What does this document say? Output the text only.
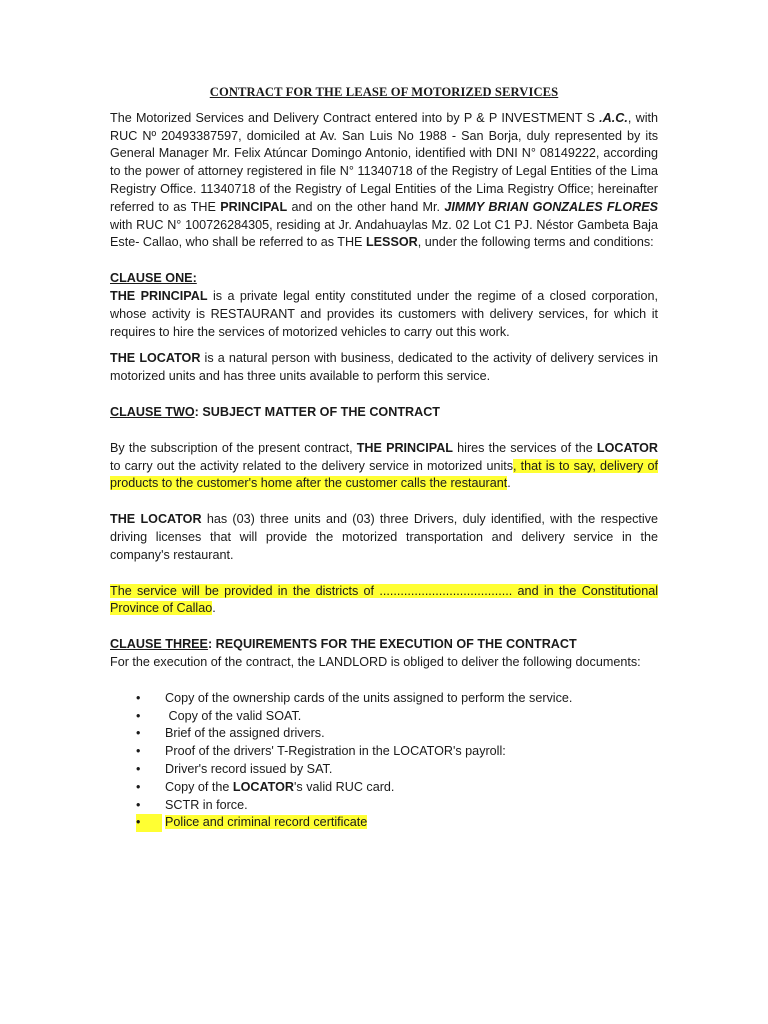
CONTRACT FOR THE LEASE OF MOTORIZED SERVICES

The Motorized Services and Delivery Contract entered into by P & P INVESTMENT S .A.C., with RUC Nº 20493387597, domiciled at Av. San Luis No 1988 - San Borja, duly represented by its General Manager Mr. Felix Atúncar Domingo Antonio, identified with DNI N° 08149222, according to the power of attorney registered in file N° 11340718 of the Registry of Legal Entities of the Lima Registry Office. 11340718 of the Registry of Legal Entities of the Lima Registry Office; hereinafter referred to as THE PRINCIPAL and on the other hand Mr. JIMMY BRIAN GONZALES FLORES with RUC N° 100726284305, residing at Jr. Andahuaylas Mz. 02 Lot C1 PJ. Néstor Gambeta Baja Este- Callao, who shall be referred to as THE LESSOR, under the following terms and conditions:

CLAUSE ONE:

THE PRINCIPAL is a private legal entity constituted under the regime of a closed corporation, whose activity is RESTAURANT and provides its customers with delivery services, for which it requires to hire the services of motorized vehicles to carry out this work.

THE LOCATOR is a natural person with business, dedicated to the activity of delivery services in motorized units and has three units available to perform this service.

CLAUSE TWO: SUBJECT MATTER OF THE CONTRACT

By the subscription of the present contract, THE PRINCIPAL hires the services of the LOCATOR to carry out the activity related to the delivery service in motorized units, that is to say, delivery of products to the customer's home after the customer calls the restaurant.

THE LOCATOR has (03) three units and (03) three Drivers, duly identified, with the respective driving licenses that will provide the motorized transportation and delivery service in the company's restaurant.

The service will be provided in the districts of ...................................... and in the Constitutional Province of Callao.

CLAUSE THREE: REQUIREMENTS FOR THE EXECUTION OF THE CONTRACT

For the execution of the contract, the LANDLORD is obliged to deliver the following documents:

• Copy of the ownership cards of the units assigned to perform the service.
• Copy of the valid SOAT.
• Brief of the assigned drivers.
• Proof of the drivers' T-Registration in the LOCATOR's payroll:
• Driver's record issued by SAT.
• Copy of the LOCATOR's valid RUC card.
• SCTR in force.
•	Police and criminal record certificate
